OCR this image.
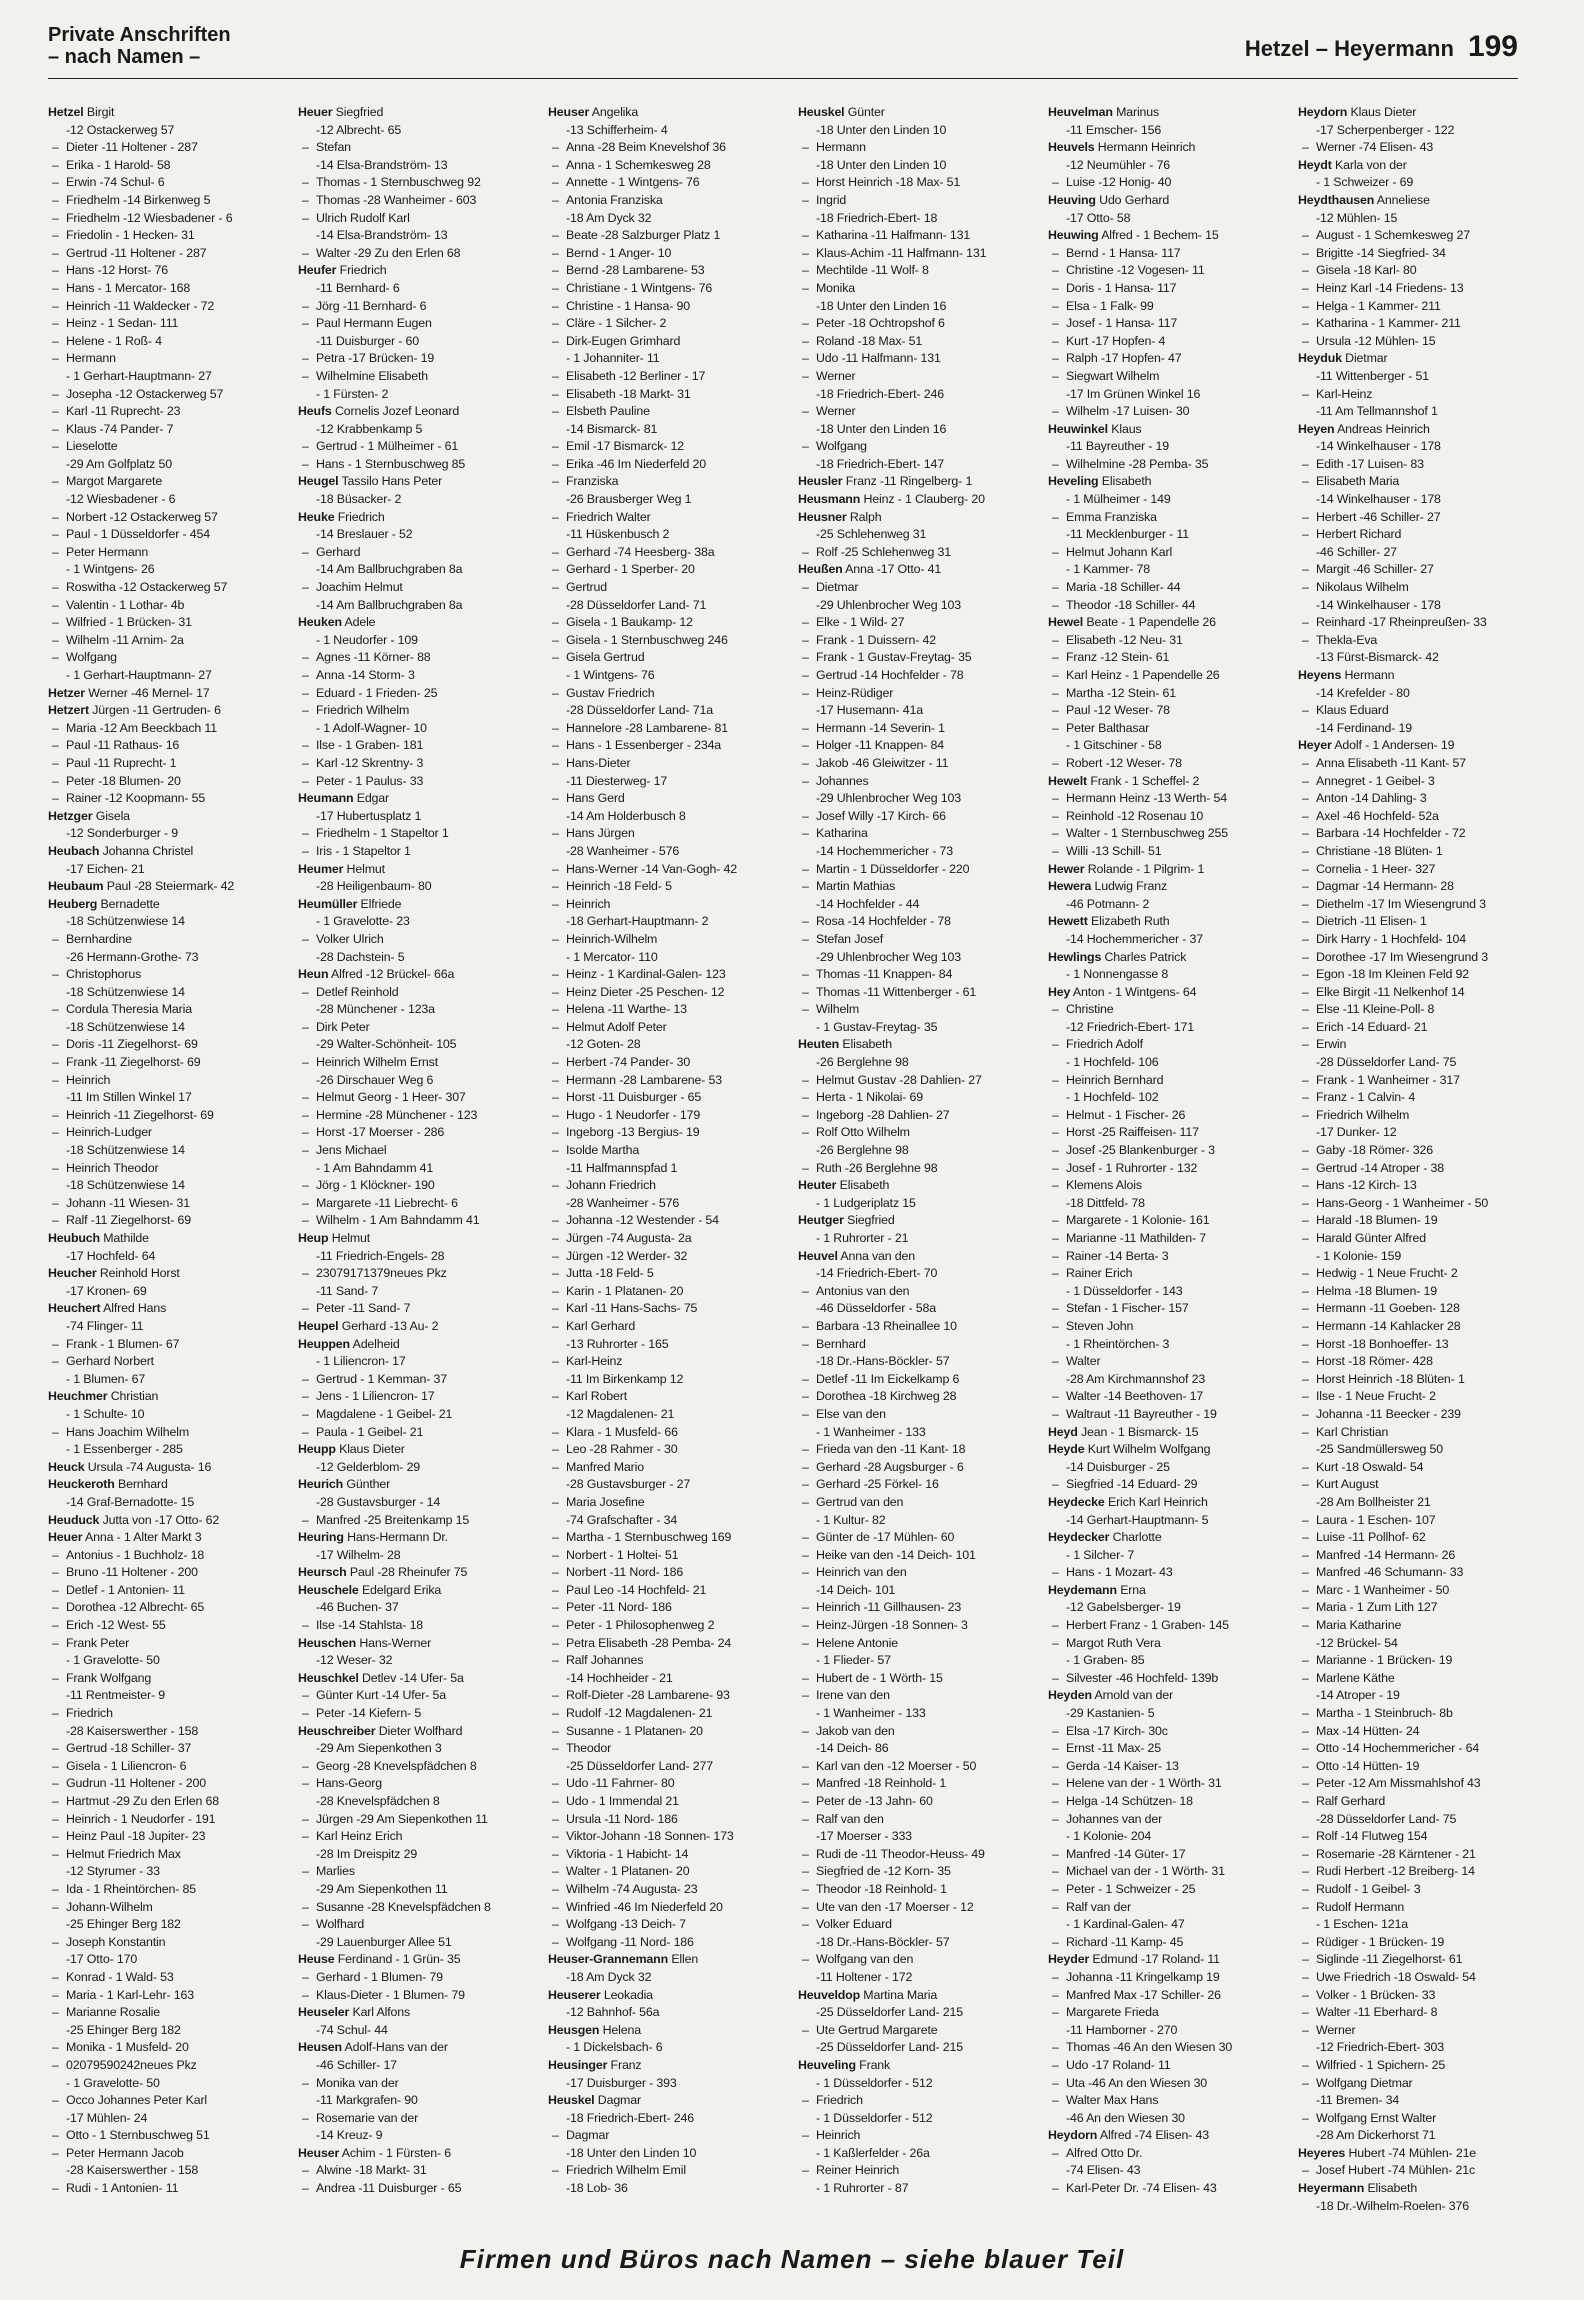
Private Anschriften
– nach Namen –	Hetzel – Heyermann 199
Hetzel Birgit
-12 Ostackerweg 57
– Dieter -11 Holtener - 287
– Erika - 1 Harold- 58
– Erwin -74 Schul- 6
– Friedhelm -14 Birkenweg 5
– Friedhelm -12 Wiesbadener - 6
– Friedolin - 1 Hecken- 31
– Gertrud -11 Holtener - 287
– Hans -12 Horst- 76
– Hans - 1 Mercator- 168
– Heinrich -11 Waldecker - 72
– Heinz - 1 Sedan- 111
– Helene - 1 Roß- 4
– Hermann
- 1 Gerhart-Hauptmann- 27
– Josepha -12 Ostackerweg 57
– Karl -11 Ruprecht- 23
– Klaus -74 Pander- 7
– Lieselotte
-29 Am Golfplatz 50
– Margot Margarete
-12 Wiesbadener - 6
– Norbert -12 Ostackerweg 57
– Paul - 1 Düsseldorfer - 454
– Peter Hermann
- 1 Wintgens- 26
– Roswitha -12 Ostackerweg 57
– Valentin - 1 Lothar- 4b
– Wilfried - 1 Brücken- 31
– Wilhelm -11 Arnim- 2a
– Wolfgang
- 1 Gerhart-Hauptmann- 27
Hetzer Werner -46 Mernel- 17
Hetzert Jürgen -11 Gertruden- 6
– Maria -12 Am Beeckbach 11
– Paul -11 Rathaus- 16
– Paul -11 Ruprecht- 1
– Peter -18 Blumen- 20
– Rainer -12 Koopmann- 55
Hetzger Gisela
-12 Sonderburger - 9
Heubach Johanna Christel
-17 Eichen- 21
Heubaum Paul -28 Steiermark- 42
Heuberg Bernadette
-18 Schützenwiese 14
– Bernhardine
-26 Hermann-Grothe- 73
– Christophorus
-18 Schützenwiese 14
– Cordula Theresia Maria
-18 Schützenwiese 14
– Doris -11 Ziegelhorst- 69
– Frank -11 Ziegelhorst- 69
– Heinrich
-11 Im Stillen Winkel 17
– Heinrich -11 Ziegelhorst- 69
– Heinrich-Ludger
-18 Schützenwiese 14
– Heinrich Theodor
-18 Schützenwiese 14
– Johann -11 Wiesen- 31
– Ralf -11 Ziegelhorst- 69
Heubuch Mathilde
-17 Hochfeld- 64
Heucher Reinhold Horst
-17 Kronen- 69
Heuchert Alfred Hans
-74 Flinger- 11
– Frank - 1 Blumen- 67
– Gerhard Norbert
- 1 Blumen- 67
Heuchmer Christian
- 1 Schulte- 10
– Hans Joachim Wilhelm
- 1 Essenberger - 285
Heuck Ursula -74 Augusta- 16
Heuckeroth Bernhard
-14 Graf-Bernadotte- 15
Heuduck Jutta von -17 Otto- 62
Heuer Anna - 1 Alter Markt 3
– Antonius - 1 Buchholz- 18
– Bruno -11 Holtener - 200
– Detlef - 1 Antonien- 11
– Dorothea -12 Albrecht- 65
– Erich -12 West- 55
– Frank Peter
- 1 Gravelotte- 50
– Frank Wolfgang
-11 Rentmeister- 9
– Friedrich
-28 Kaiserswerther - 158
– Gertrud -18 Schiller- 37
– Gisela - 1 Liliencron- 6
– Gudrun -11 Holtener - 200
– Hartmut -29 Zu den Erlen 68
– Heinrich - 1 Neudorfer - 191
– Heinz Paul -18 Jupiter- 23
– Helmut Friedrich Max
-12 Styrumer - 33
– Ida - 1 Rheintörchen- 85
– Johann-Wilhelm
-25 Ehinger Berg 182
– Joseph Konstantin
-17 Otto- 170
– Konrad - 1 Wald- 53
– Maria - 1 Karl-Lehr- 163
– Marianne Rosalie
-25 Ehinger Berg 182
– Monika - 1 Musfeld- 20
– 02079590242neues Pkz
- 1 Gravelotte- 50
– Occo Johannes Peter Karl
-17 Mühlen- 24
– Otto - 1 Sternbuschweg 51
– Peter Hermann Jacob
-28 Kaiserswerther - 158
– Rudi - 1 Antonien- 11
Heuer Siegfried
-12 Albrecht- 65
– Stefan
-14 Elsa-Brandström- 13
– Thomas - 1 Sternbuschweg 92
– Thomas -28 Wanheimer - 603
– Ulrich Rudolf Karl
-14 Elsa-Brandström- 13
– Walter -29 Zu den Erlen 68
Heufer Friedrich
-11 Bernhard- 6
– Jörg -11 Bernhard- 6
– Paul Hermann Eugen
-11 Duisburger - 60
– Petra -17 Brücken- 19
– Wilhelmine Elisabeth
- 1 Fürsten- 2
Heufs Cornelis Jozef Leonard
-12 Krabbenkamp 5
– Gertrud - 1 Mülheimer - 61
– Hans - 1 Sternbuschweg 85
Heugel Tassilo Hans Peter
-18 Büsacker- 2
Heuke Friedrich
-14 Breslauer - 52
– Gerhard
-14 Am Ballbruchgraben 8a
– Joachim Helmut
-14 Am Ballbruchgraben 8a
Heuken Adele
- 1 Neudorfer - 109
– Agnes -11 Körner- 88
– Anna -14 Storm- 3
– Eduard - 1 Frieden- 25
– Friedrich Wilhelm
- 1 Adolf-Wagner- 10
– Ilse - 1 Graben- 181
– Karl -12 Skrentny- 3
– Peter - 1 Paulus- 33
Heumann Edgar
-17 Hubertusplatz 1
– Friedhelm - 1 Stapeltor 1
– Iris - 1 Stapeltor 1
Heumer Helmut
-28 Heiligenbaum- 80
Heumüller Elfriede
- 1 Gravelotte- 23
– Volker Ulrich
-28 Dachstein- 5
Heun Alfred -12 Brückel- 66a
– Detlef Reinhold
-28 Münchener - 123a
– Dirk Peter
-29 Walter-Schönheit- 105
– Heinrich Wilhelm Ernst
-26 Dirschauer Weg 6
– Helmut Georg - 1 Heer- 307
– Hermine -28 Münchener - 123
– Horst -17 Moerser - 286
– Jens Michael
- 1 Am Bahndamm 41
– Jörg - 1 Klöckner- 190
– Margarete -11 Liebrecht- 6
– Wilhelm - 1 Am Bahndamm 41
Heup Helmut
-11 Friedrich-Engels- 28
– 23079171379neues Pkz
-11 Sand- 7
– Peter -11 Sand- 7
Heupel Gerhard -13 Au- 2
Heuppen Adelheid
- 1 Liliencron- 17
– Gertrud - 1 Kemman- 37
– Jens - 1 Liliencron- 17
– Magdalene - 1 Geibel- 21
– Paula - 1 Geibel- 21
Heupp Klaus Dieter
-12 Gelderblom- 29
Heurich Günther
-28 Gustavsburger - 14
– Manfred -25 Breitenkamp 15
Heuring Hans-Hermann Dr.
-17 Wilhelm- 28
Heursch Paul -28 Rheinufer 75
Heuschele Edelgard Erika
-46 Buchen- 37
– Ilse -14 Stahlsta- 18
Heuschen Hans-Werner
-12 Weser- 32
Heuschkel Detlev -14 Ufer- 5a
– Günter Kurt -14 Ufer- 5a
– Peter -14 Kiefern- 5
Heuschreiber Dieter Wolfhard
-29 Am Siepenkothen 3
– Georg -28 Knevelspfädchen 8
– Hans-Georg
-28 Knevelspfädchen 8
– Jürgen -29 Am Siepenkothen 11
– Karl Heinz Erich
-28 Im Dreispitz 29
– Marlies
-29 Am Siepenkothen 11
– Susanne -28 Knevelspfädchen 8
– Wolfhard
-29 Lauenburger Allee 51
Heuse Ferdinand - 1 Grün- 35
– Gerhard - 1 Blumen- 79
– Klaus-Dieter - 1 Blumen- 79
Heuseler Karl Alfons
-74 Schul- 44
Heusen Adolf-Hans van der
-46 Schiller- 17
– Monika van der
-11 Markgrafen- 90
– Rosemarie van der
-14 Kreuz- 9
Heuser Achim - 1 Fürsten- 6
– Alwine -18 Markt- 31
– Andrea -11 Duisburger - 65
Heuser Angelika
-13 Schifferheim- 4
– Anna -28 Beim Knevelshof 36
– Anna - 1 Schemkesweg 28
– Annette - 1 Wintgens- 76
– Antonia Franziska
-18 Am Dyck 32
– Beate -28 Salzburger Platz 1
– Bernd - 1 Anger- 10
– Bernd -28 Lambarene- 53
– Christiane - 1 Wintgens- 76
– Christine - 1 Hansa- 90
– Cläre - 1 Silcher- 2
– Dirk-Eugen Grimhard
- 1 Johanniter- 11
– Elisabeth -12 Berliner - 17
– Elisabeth -18 Markt- 31
– Elsbeth Pauline
-14 Bismarck- 81
– Emil -17 Bismarck- 12
– Erika -46 Im Niederfeld 20
– Franziska
-26 Brausberger Weg 1
– Friedrich Walter
-11 Hüskenbusch 2
– Gerhard -74 Heesberg- 38a
– Gerhard - 1 Sperber- 20
– Gertrud
-28 Düsseldorfer Land- 71
– Gisela - 1 Baukamp- 12
– Gisela - 1 Sternbuschweg 246
– Gisela Gertrud
- 1 Wintgens- 76
– Gustav Friedrich
-28 Düsseldorfer Land- 71a
– Hannelore -28 Lambarene- 81
– Hans - 1 Essenberger - 234a
– Hans-Dieter
-11 Diesterweg- 17
– Hans Gerd
-14 Am Holderbusch 8
– Hans Jürgen
-28 Wanheimer - 576
– Hans-Werner -14 Van-Gogh- 42
– Heinrich -18 Feld- 5
– Heinrich
-18 Gerhart-Hauptmann- 2
– Heinrich-Wilhelm
- 1 Mercator- 110
– Heinz - 1 Kardinal-Galen- 123
– Heinz Dieter -25 Peschen- 12
– Helena -11 Warthe- 13
– Helmut Adolf Peter
-12 Goten- 28
– Herbert -74 Pander- 30
– Hermann -28 Lambarene- 53
– Horst -11 Duisburger - 65
– Hugo - 1 Neudorfer - 179
– Ingeborg -13 Bergius- 19
– Isolde Martha
-11 Halfmannspfad 1
– Johann Friedrich
-28 Wanheimer - 576
– Johanna -12 Westender - 54
– Jürgen -74 Augusta- 2a
– Jürgen -12 Werder- 32
– Jutta -18 Feld- 5
– Karin - 1 Platanen- 20
– Karl -11 Hans-Sachs- 75
– Karl Gerhard
-13 Ruhrorter - 165
– Karl-Heinz
-11 Im Birkenkamp 12
– Karl Robert
-12 Magdalenen- 21
– Klara - 1 Musfeld- 66
– Leo -28 Rahmer - 30
– Manfred Mario
-28 Gustavsburger - 27
– Maria Josefine
-74 Grafschafter - 34
– Martha - 1 Sternbuschweg 169
– Norbert - 1 Holtei- 51
– Norbert -11 Nord- 186
– Paul Leo -14 Hochfeld- 21
– Peter -11 Nord- 186
– Peter - 1 Philosophenweg 2
– Petra Elisabeth -28 Pemba- 24
– Ralf Johannes
-14 Hochheider - 21
– Rolf-Dieter -28 Lambarene- 93
– Rudolf -12 Magdalenen- 21
– Susanne - 1 Platanen- 20
– Theodor
-25 Düsseldorfer Land- 277
– Udo -11 Fahrner- 80
– Udo - 1 Immendal 21
– Ursula -11 Nord- 186
– Viktor-Johann -18 Sonnen- 173
– Viktoria - 1 Habicht- 14
– Walter - 1 Platanen- 20
– Wilhelm -74 Augusta- 23
– Winfried -46 Im Niederfeld 20
– Wolfgang -13 Deich- 7
– Wolfgang -11 Nord- 186
Heuser-Grannemann Ellen
-18 Am Dyck 32
Heuserer Leokadia
-12 Bahnhof- 56a
Heusgen Helena
- 1 Dickelsbach- 6
Heusinger Franz
-17 Duisburger - 393
Heuskel Dagmar
-18 Friedrich-Ebert- 246
– Dagmar
-18 Unter den Linden 10
– Friedrich Wilhelm Emil
-18 Lob- 36
Heuskel Günter
-18 Unter den Linden 10
– Hermann
-18 Unter den Linden 10
– Horst Heinrich -18 Max- 51
– Ingrid
-18 Friedrich-Ebert- 18
– Katharina -11 Halfmann- 131
– Klaus-Achim -11 Halfmann- 131
– Mechtilde -11 Wolf- 8
– Monika
-18 Unter den Linden 16
– Peter -18 Ochtropshof 6
– Roland -18 Max- 51
– Udo -11 Halfmann- 131
– Werner
-18 Friedrich-Ebert- 246
– Werner
-18 Unter den Linden 16
– Wolfgang
-18 Friedrich-Ebert- 147
Heusler Franz -11 Ringelberg- 1
Heusmann Heinz - 1 Clauberg- 20
Heusner Ralph
-25 Schlehenweg 31
– Rolf -25 Schlehenweg 31
Heußen Anna -17 Otto- 41
– Dietmar
-29 Uhlenbrocher Weg 103
– Elke - 1 Wild- 27
– Frank - 1 Duissern- 42
– Frank - 1 Gustav-Freytag- 35
– Gertrud -14 Hochfelder - 78
– Heinz-Rüdiger
-17 Husemann- 41a
– Hermann -14 Severin- 1
– Holger -11 Knappen- 84
– Jakob -46 Gleiwitzer - 11
– Johannes
-29 Uhlenbrocher Weg 103
– Josef Willy -17 Kirch- 66
– Katharina
-14 Hochemmericher - 73
– Martin - 1 Düsseldorfer - 220
– Martin Mathias
-14 Hochfelder - 44
– Rosa -14 Hochfelder - 78
– Stefan Josef
-29 Uhlenbrocher Weg 103
– Thomas -11 Knappen- 84
– Thomas -11 Wittenberger - 61
– Wilhelm
- 1 Gustav-Freytag- 35
Heuten Elisabeth
-26 Berglehne 98
– Helmut Gustav -28 Dahlien- 27
– Herta - 1 Nikolai- 69
– Ingeborg -28 Dahlien- 27
– Rolf Otto Wilhelm
-26 Berglehne 98
– Ruth -26 Berglehne 98
Heuter Elisabeth
- 1 Ludgeriplatz 15
Heutger Siegfried
- 1 Ruhrorter - 21
Heuvel Anna van den
-14 Friedrich-Ebert- 70
– Antonius van den
-46 Düsseldorfer - 58a
– Barbara -13 Rheinallee 10
– Bernhard
-18 Dr.-Hans-Böckler- 57
– Detlef -11 Im Eickelkamp 6
– Dorothea -18 Kirchweg 28
– Else van den
- 1 Wanheimer - 133
– Frieda van den -11 Kant- 18
– Gerhard -28 Augsburger - 6
– Gerhard -25 Förkel- 16
– Gertrud van den
- 1 Kultur- 82
– Günter de -17 Mühlen- 60
– Heike van den -14 Deich- 101
– Heinrich van den
-14 Deich- 101
– Heinrich -11 Gillhausen- 23
– Heinz-Jürgen -18 Sonnen- 3
– Helene Antonie
- 1 Flieder- 57
– Hubert de - 1 Wörth- 15
– Irene van den
- 1 Wanheimer - 133
– Jakob van den
-14 Deich- 86
– Karl van den -12 Moerser - 50
– Manfred -18 Reinhold- 1
– Peter de -13 Jahn- 60
– Ralf van den
-17 Moerser - 333
– Rudi de -11 Theodor-Heuss- 49
– Siegfried de -12 Korn- 35
– Theodor -18 Reinhold- 1
– Ute van den -17 Moerser - 12
– Volker Eduard
-18 Dr.-Hans-Böckler- 57
– Wolfgang van den
-11 Holtener - 172
Heuveldop Martina Maria
-25 Düsseldorfer Land- 215
– Ute Gertrud Margarete
-25 Düsseldorfer Land- 215
Heuveling Frank
- 1 Düsseldorfer - 512
– Friedrich
- 1 Düsseldorfer - 512
– Heinrich
- 1 Kaßlerfelder - 26a
– Reiner Heinrich
- 1 Ruhrorter - 87
Heuvelman Marinus
-11 Emscher- 156
Heuvels Hermann Heinrich
-12 Neumühler - 76
– Luise -12 Honig- 40
Heuving Udo Gerhard
-17 Otto- 58
Heuwing Alfred - 1 Bechem- 15
– Bernd - 1 Hansa- 117
– Christine -12 Vogesen- 11
– Doris - 1 Hansa- 117
– Elsa - 1 Falk- 99
– Josef - 1 Hansa- 117
– Kurt -17 Hopfen- 4
– Ralph -17 Hopfen- 47
– Siegwart Wilhelm
-17 Im Grünen Winkel 16
– Wilhelm -17 Luisen- 30
Heuwinkel Klaus
-11 Bayreuther - 19
– Wilhelmine -28 Pemba- 35
Heveling Elisabeth
- 1 Mülheimer - 149
– Emma Franziska
-11 Mecklenburger - 11
– Helmut Johann Karl
- 1 Kammer- 78
– Maria -18 Schiller- 44
– Theodor -18 Schiller- 44
Hewel Beate - 1 Papendelle 26
– Elisabeth -12 Neu- 31
– Franz -12 Stein- 61
– Karl Heinz - 1 Papendelle 26
– Martha -12 Stein- 61
– Paul -12 Weser- 78
– Peter Balthasar
- 1 Gitschiner - 58
– Robert -12 Weser- 78
Hewelt Frank - 1 Scheffel- 2
– Hermann Heinz -13 Werth- 54
– Reinhold -12 Rosenau 10
– Walter - 1 Sternbuschweg 255
– Willi -13 Schill- 51
Hewer Rolande - 1 Pilgrim- 1
Hewera Ludwig Franz
-46 Potmann- 2
Hewett Elizabeth Ruth
-14 Hochemmericher - 37
Hewlings Charles Patrick
- 1 Nonnengasse 8
Hey Anton - 1 Wintgens- 64
– Christine
-12 Friedrich-Ebert- 171
– Friedrich Adolf
- 1 Hochfeld- 106
– Heinrich Bernhard
- 1 Hochfeld- 102
– Helmut - 1 Fischer- 26
– Horst -25 Raiffeisen- 117
– Josef -25 Blankenburger - 3
– Josef - 1 Ruhrorter - 132
– Klemens Alois
-18 Dittfeld- 78
– Margarete - 1 Kolonie- 161
– Marianne -11 Mathilden- 7
– Rainer -14 Berta- 3
– Rainer Erich
- 1 Düsseldorfer - 143
– Stefan - 1 Fischer- 157
– Steven John
- 1 Rheintörchen- 3
– Walter
-28 Am Kirchmannshof 23
– Walter -14 Beethoven- 17
– Waltraut -11 Bayreuther - 19
Heyd Jean - 1 Bismarck- 15
Heyde Kurt Wilhelm Wolfgang
-14 Duisburger - 25
– Siegfried -14 Eduard- 29
Heydecke Erich Karl Heinrich
-14 Gerhart-Hauptmann- 5
Heydecker Charlotte
- 1 Silcher- 7
– Hans - 1 Mozart- 43
Heydemann Erna
-12 Gabelsberger- 19
– Herbert Franz - 1 Graben- 145
– Margot Ruth Vera
- 1 Graben- 85
– Silvester -46 Hochfeld- 139b
Heyden Arnold van der
-29 Kastanien- 5
– Elsa -17 Kirch- 30c
– Ernst -11 Max- 25
– Gerda -14 Kaiser- 13
– Helene van der - 1 Wörth- 31
– Helga -14 Schützen- 18
– Johannes van der
- 1 Kolonie- 204
– Manfred -14 Güter- 17
– Michael van der - 1 Wörth- 31
– Peter - 1 Schweizer - 25
– Ralf van der
- 1 Kardinal-Galen- 47
– Richard -11 Kamp- 45
Heyder Edmund -17 Roland- 11
– Johanna -11 Kringelkamp 19
– Manfred Max -17 Schiller- 26
– Margarete Frieda
-11 Hamborner - 270
– Thomas -46 An den Wiesen 30
– Udo -17 Roland- 11
– Uta -46 An den Wiesen 30
– Walter Max Hans
-46 An den Wiesen 30
Heydorn Alfred -74 Elisen- 43
– Alfred Otto Dr.
-74 Elisen- 43
– Karl-Peter Dr. -74 Elisen- 43
Heydorn Klaus Dieter
-17 Scherpenberger - 122
– Werner -74 Elisen- 43
Heydt Karla von der
- 1 Schweizer - 69
Heydthausen Anneliese
-12 Mühlen- 15
– August - 1 Schemkesweg 27
– Brigitte -14 Siegfried- 34
– Gisela -18 Karl- 80
– Heinz Karl -14 Friedens- 13
– Helga - 1 Kammer- 211
– Katharina - 1 Kammer- 211
– Ursula -12 Mühlen- 15
Heyduk Dietmar
-11 Wittenberger - 51
– Karl-Heinz
-11 Am Tellmannshof 1
Heyen Andreas Heinrich
-14 Winkelhauser - 178
– Edith -17 Luisen- 83
– Elisabeth Maria
-14 Winkelhauser - 178
– Herbert -46 Schiller- 27
– Herbert Richard
-46 Schiller- 27
– Margit -46 Schiller- 27
– Nikolaus Wilhelm
-14 Winkelhauser - 178
– Reinhard -17 Rheinpreußen- 33
– Thekla-Eva
-13 Fürst-Bismarck- 42
Heyens Hermann
-14 Krefelder - 80
– Klaus Eduard
-14 Ferdinand- 19
Heyer Adolf - 1 Andersen- 19
– Anna Elisabeth -11 Kant- 57
– Annegret - 1 Geibel- 3
– Anton -14 Dahling- 3
– Axel -46 Hochfeld- 52a
– Barbara -14 Hochfelder - 72
– Christiane -18 Blüten- 1
– Cornelia - 1 Heer- 327
– Dagmar -14 Hermann- 28
– Diethelm -17 Im Wiesengrund 3
– Dietrich -11 Elisen- 1
– Dirk Harry - 1 Hochfeld- 104
– Dorothee -17 Im Wiesengrund 3
– Egon -18 Im Kleinen Feld 92
– Elke Birgit -11 Nelkenhof 14
– Else -11 Kleine-Poll- 8
– Erich -14 Eduard- 21
– Erwin
-28 Düsseldorfer Land- 75
– Frank - 1 Wanheimer - 317
– Franz - 1 Calvin- 4
– Friedrich Wilhelm
-17 Dunker- 12
– Gaby -18 Römer- 326
– Gertrud -14 Atroper - 38
– Hans -12 Kirch- 13
– Hans-Georg - 1 Wanheimer - 50
– Harald -18 Blumen- 19
– Harald Günter Alfred
- 1 Kolonie- 159
– Hedwig - 1 Neue Frucht- 2
– Helma -18 Blumen- 19
– Hermann -11 Goeben- 128
– Hermann -14 Kahlacker 28
– Horst -18 Bonhoeffer- 13
– Horst -18 Römer- 428
– Horst Heinrich -18 Blüten- 1
– Ilse - 1 Neue Frucht- 2
– Johanna -11 Beecker - 239
– Karl Christian
-25 Sandmüllersweg 50
– Kurt -18 Oswald- 54
– Kurt August
-28 Am Bollheister 21
– Laura - 1 Eschen- 107
– Luise -11 Pollhof- 62
– Manfred -14 Hermann- 26
– Manfred -46 Schumann- 33
– Marc - 1 Wanheimer - 50
– Maria - 1 Zum Lith 127
– Maria Katharine
-12 Brückel- 54
– Marianne - 1 Brücken- 19
– Marlene Käthe
-14 Atroper - 19
– Martha - 1 Steinbruch- 8b
– Max -14 Hütten- 24
– Otto -14 Hochemmericher - 64
– Otto -14 Hütten- 19
– Peter -12 Am Missmahlshof 43
– Ralf Gerhard
-28 Düsseldorfer Land- 75
– Rolf -14 Flutweg 154
– Rosemarie -28 Kärntener - 21
– Rudi Herbert -12 Breiberg- 14
– Rudolf - 1 Geibel- 3
– Rudolf Hermann
- 1 Eschen- 121a
– Rüdiger - 1 Brücken- 19
– Siglinde -11 Ziegelhorst- 61
– Uwe Friedrich -18 Oswald- 54
– Volker - 1 Brücken- 33
– Walter -11 Eberhard- 8
– Werner
-12 Friedrich-Ebert- 303
– Wilfried - 1 Spichern- 25
– Wolfgang Dietmar
-11 Bremen- 34
– Wolfgang Ernst Walter
-28 Am Dickerhorst 71
Heyeres Hubert -74 Mühlen- 21e
– Josef Hubert -74 Mühlen- 21c
Heyermann Elisabeth
-18 Dr.-Wilhelm-Roelen- 376
Firmen und Büros nach Namen – siehe blauer Teil
